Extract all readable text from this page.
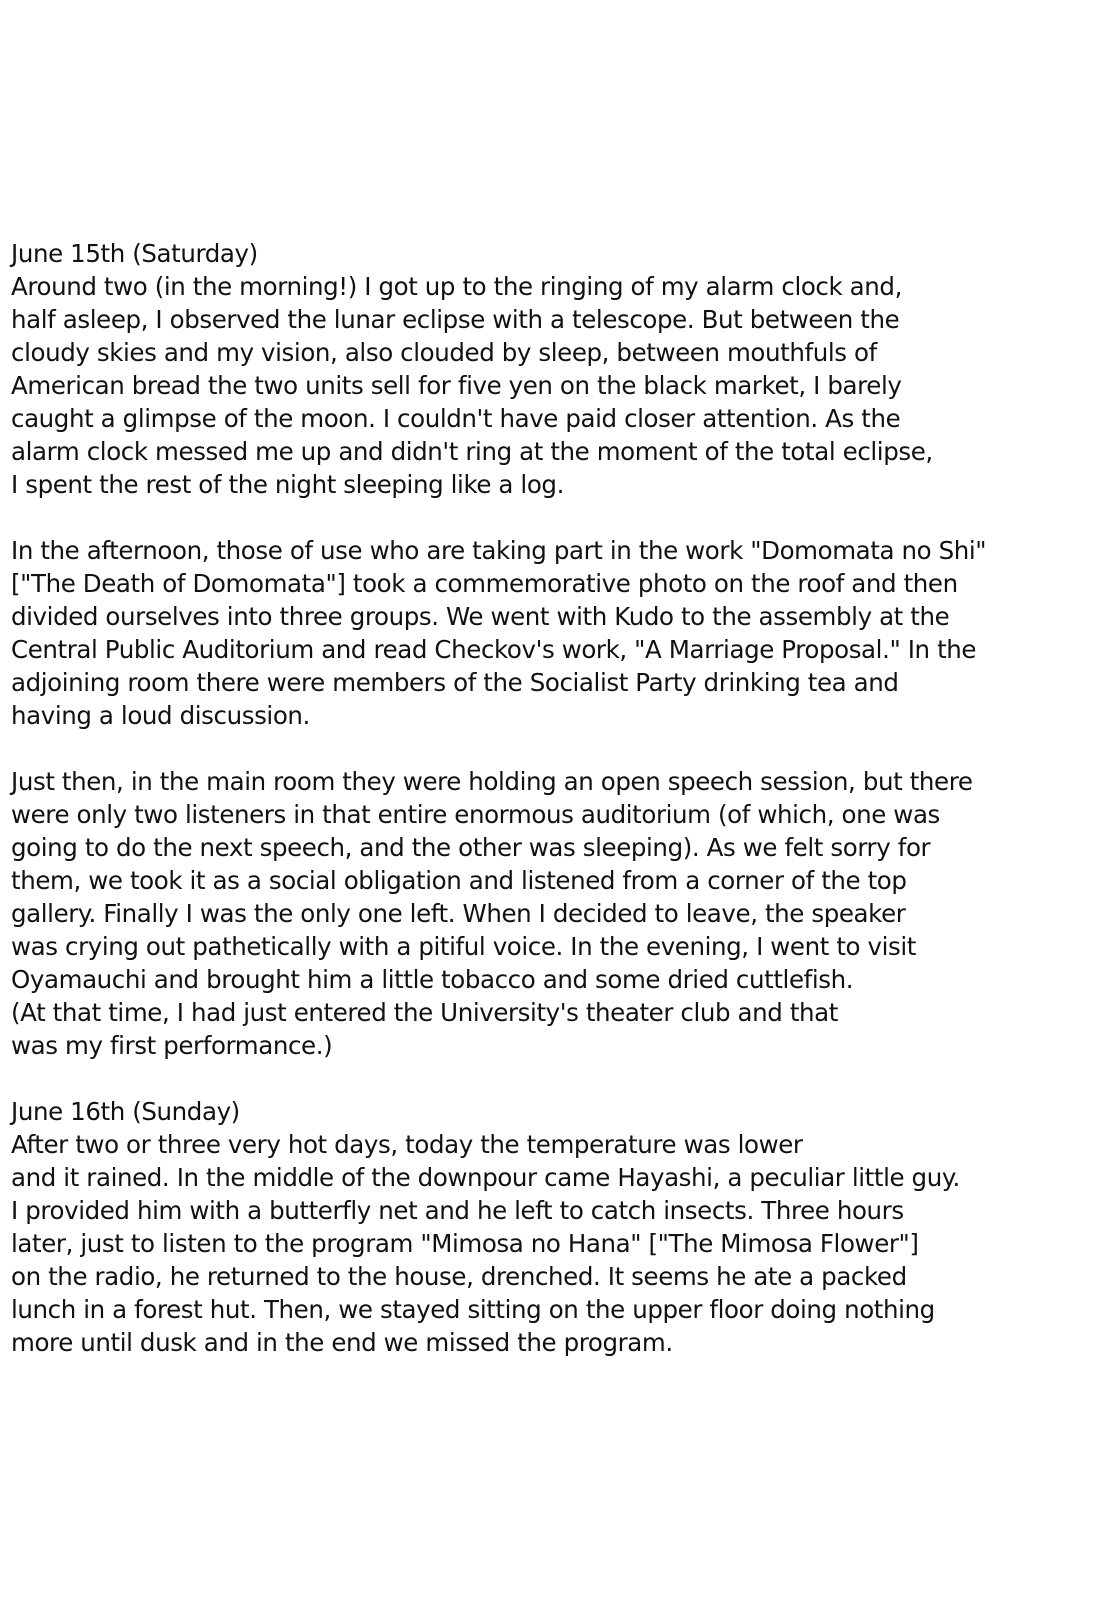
June 15th (Saturday)
Around two (in the morning!) I got up to the ringing of my alarm clock and,
half asleep, I observed the lunar eclipse with a telescope. But between the
cloudy skies and my vision, also clouded by sleep, between mouthfuls of
American bread the two units sell for five yen on the black market, I barely
caught a glimpse of the moon. I couldn't have paid closer attention. As the
alarm clock messed me up and didn't ring at the moment of the total eclipse,
I spent the rest of the night sleeping like a log.
In the afternoon, those of use who are taking part in the work "Domomata no Shi"
["The Death of Domomata"] took a commemorative photo on the roof and then
divided ourselves into three groups. We went with Kudo to the assembly at the
Central Public Auditorium and read Checkov's work, "A Marriage Proposal." In the
adjoining room there were members of the Socialist Party drinking tea and
having a loud discussion.
Just then, in the main room they were holding an open speech session, but there
were only two listeners in that entire enormous auditorium (of which, one was
going to do the next speech, and the other was sleeping). As we felt sorry for
them, we took it as a social obligation and listened from a corner of the top
gallery. Finally I was the only one left. When I decided to leave, the speaker
was crying out pathetically with a pitiful voice. In the evening, I went to visit
Oyamauchi and brought him a little tobacco and some dried cuttlefish.
(At that time, I had just entered the University's theater club and that
was my first performance.)
June 16th (Sunday)
After two or three very hot days, today the temperature was lower
and it rained. In the middle of the downpour came Hayashi, a peculiar little guy.
I provided him with a butterfly net and he left to catch insects. Three hours
later, just to listen to the program "Mimosa no Hana" ["The Mimosa Flower"]
on the radio, he returned to the house, drenched. It seems he ate a packed
lunch in a forest hut. Then, we stayed sitting on the upper floor doing nothing
more until dusk and in the end we missed the program.
